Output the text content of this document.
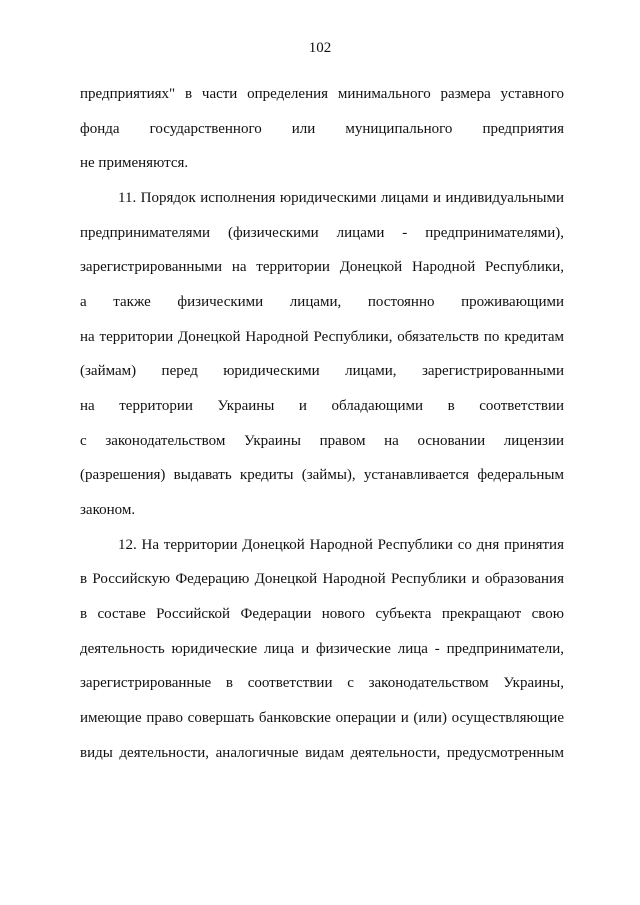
102
предприятиях" в части определения минимального размера уставного
фонда государственного или муниципального предприятия
не применяются.
11. Порядок исполнения юридическими лицами и индивидуальными
предпринимателями (физическими лицами - предпринимателями),
зарегистрированными на территории Донецкой Народной Республики,
а также физическими лицами, постоянно проживающими
на территории Донецкой Народной Республики, обязательств по кредитам
(займам) перед юридическими лицами, зарегистрированными
на территории Украины и обладающими в соответствии
с законодательством Украины правом на основании лицензии
(разрешения) выдавать кредиты (займы), устанавливается федеральным
законом.
12. На территории Донецкой Народной Республики со дня принятия
в Российскую Федерацию Донецкой Народной Республики и образования
в составе Российской Федерации нового субъекта прекращают свою
деятельность юридические лица и физические лица - предприниматели,
зарегистрированные в соответствии с законодательством Украины,
имеющие право совершать банковские операции и (или) осуществляющие
виды деятельности, аналогичные видам деятельности, предусмотренным
